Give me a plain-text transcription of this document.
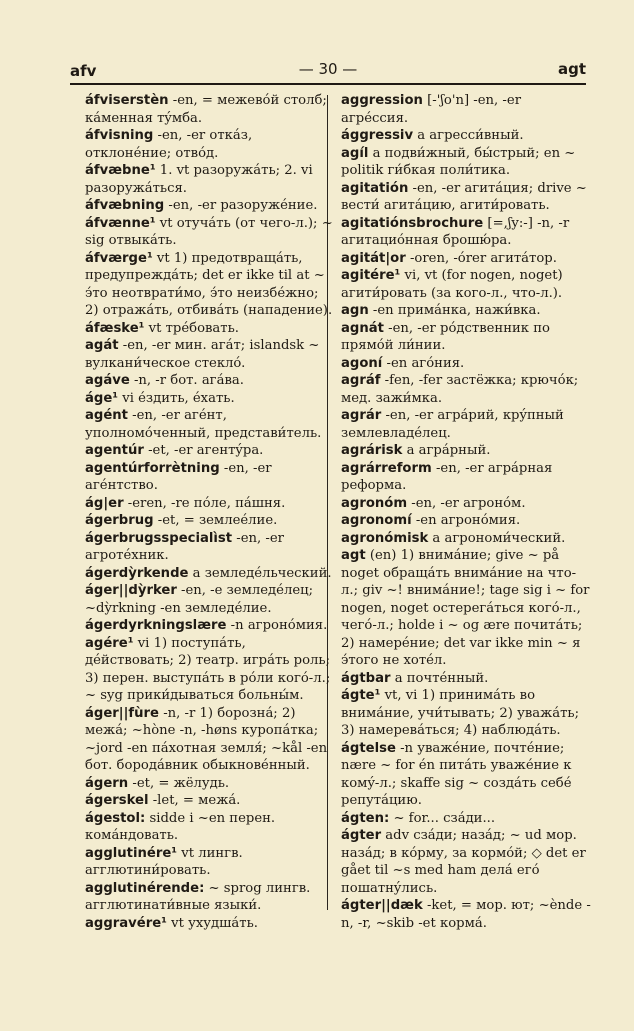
afv	— 30 —	agt

áfviserstèn -en, = межевóй столб; кáменная тýмба.

áfvisning -en, -er откáз, отклонéние; отвóд.

áfvæbne¹ 1. vt разоружáть; 2. vi разоружáться.

áfvæbning -en, -er разоружéние.

áfvænne¹ vt отучáть (от чего-л.); ~ sig отвыкáть.

áfværge¹ vt 1) предотвращáть, предупреждáть; det er ikke til at ~ э́то неотврати́мо, э́то неизбéжно; 2) отражáть, отбивáть (нападение).

áfæske¹ vt трéбовать.

agát -en, -er мин. агáт; islandsk ~ вулкани́ческое стеклó.

agáve -n, -r бот. агáва.

áge¹ vi éздить, éхать.

agént -en, -er агéнт, уполномóченный, представи́тель.

agentúr -et, -er агентýра.

agentúrforrètning -en, -er агéнтство.

ág|er -eren, -re пóле, пáшня.

ágerbrug -et, = землеéлие.

ágerbrugsspecialìst -en, -er агротéхник.

ágerdỳrkende a земледéльческий.

áger||dỳrker -en, -e земледéлец; ~dỳrkning -en земледéлие.

ágerdyrkningslære -n агронóмия.

agére¹ vi 1) поступáть, дéйствовать; 2) театр. игрáть роль; 3) перен. выступáть в рóли когó-л.; ~ syg прики́дываться больны́м.

áger||fùre -n, -r 1) борознá; 2) межá; ~hòne -n, -høns куропáтка; ~jord -en пáхотная земля́; ~kål -en бот. бородáвник обыкновéнный.

ágern -et, = жёлудь.

ágerskel -let, = межá.

ágestol: sidde i ~en перен. комáндовать.

agglutinére¹ vt лингв. агглютини́ровать.

agglutinérende: ~ sprog лингв. агглютинати́вные языки́.

aggravére¹ vt ухудшáть.

aggression [-'ʃo'n] -en, -er агрéссия.

ággressiv a агресси́вный.

agíl a подви́жный, бы́стрый; en ~ politik ги́бкая поли́тика.

agitatión -en, -er агитáция; drive ~ вести́ агитáцию, агити́ровать.

agitatiónsbrochure [=,ʃy:-] -n, -r агитациóнная брошю́ра.

agitát|or -oren, -órer агитáтор.

agitére¹ vi, vt (for nogen, noget) агити́ровать (за кого-л., что-л.).

agn -en примáнка, нажи́вка.

agnát -en, -er рóдственник по прямóй ли́нии.

agoní -en агóния.

agráf -fen, -fer застёжка; крючóк; мед. зажи́мка.

agrár -en, -er агрáрий, крýпный землевладéлец.

agrárisk a агрáрный.

agrárreform -en, -er агрáрная реформа.

agronóm -en, -er агронóм.

agronomí -en агронóмия.

agronómisk a агрономи́ческий.

agt (en) 1) внимáние; give ~ på noget обращáть внимáние на что-л.; giv ~! внимáние!; tage sig i ~ for nogen, noget остерегáться когó-л., чегó-л.; holde i ~ og ære почитáть; 2) намерéние; det var ikke min ~ я э́того не хотéл.

ágtbar a почтéнный.

ágte¹ vt, vi 1) принимáть во внимáние, учи́тывать; 2) уважáть; 3) намеревáться; 4) наблюдáть.

ágtelse -n уважéние, почтéние; nære ~ for én питáть уважéние к комý-л.; skaffe sig ~ создáть себé репутáцию.

ágten: ~ for... сзáди...

ágter adv сзáди; назáд; ~ ud мор. назáд; в кóрму, за кормóй; ◇ det er gået til ~s med ham делá егó пошатнýлись.

ágter||dæk -ket, = мор. ют; ~ènde -n, -r, ~skib -et кормá.
